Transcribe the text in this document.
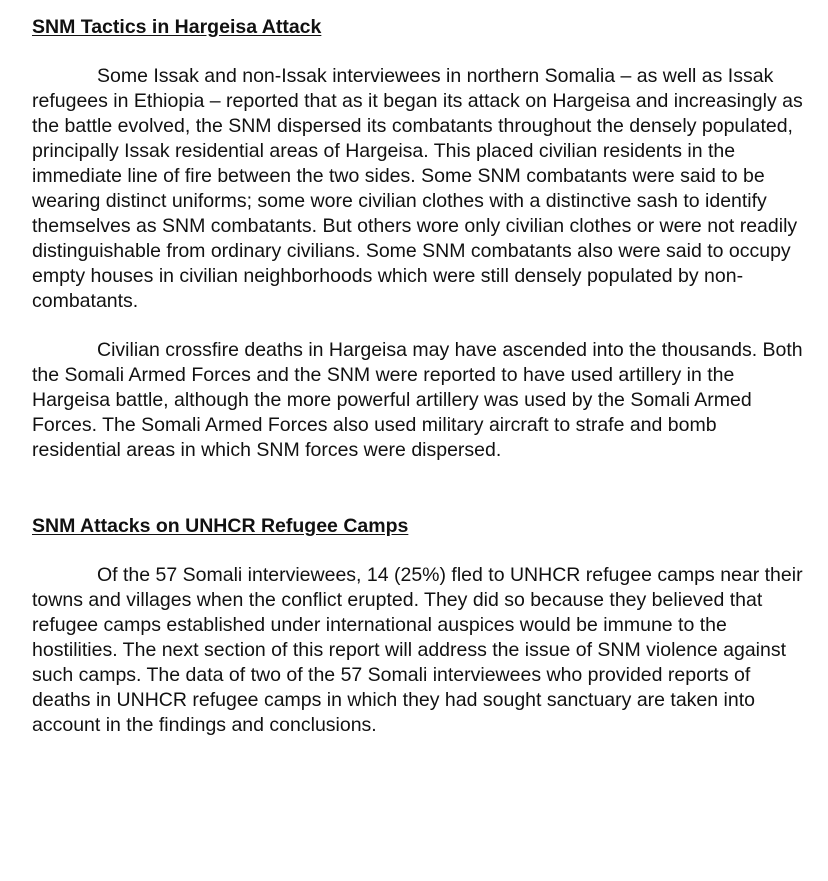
SNM Tactics in Hargeisa Attack

Some Issak and non-Issak interviewees in northern Somalia – as well as Issak refugees in Ethiopia – reported that as it began its attack on Hargeisa and increasingly as the battle evolved, the SNM dispersed its combatants throughout the densely populated, principally Issak residential areas of Hargeisa. This placed civilian residents in the immediate line of fire between the two sides. Some SNM combatants were said to be wearing distinct uniforms; some wore civilian clothes with a distinctive sash to identify themselves as SNM combatants. But others wore only civilian clothes or were not readily distinguishable from ordinary civilians. Some SNM combatants also were said to occupy empty houses in civilian neighborhoods which were still densely populated by non-combatants.

Civilian crossfire deaths in Hargeisa may have ascended into the thousands. Both the Somali Armed Forces and the SNM were reported to have used artillery in the Hargeisa battle, although the more powerful artillery was used by the Somali Armed Forces. The Somali Armed Forces also used military aircraft to strafe and bomb residential areas in which SNM forces were dispersed.

SNM Attacks on UNHCR Refugee Camps

Of the 57 Somali interviewees, 14 (25%) fled to UNHCR refugee camps near their towns and villages when the conflict erupted. They did so because they believed that refugee camps established under international auspices would be immune to the hostilities. The next section of this report will address the issue of SNM violence against such camps. The data of two of the 57 Somali interviewees who provided reports of deaths in UNHCR refugee camps in which they had sought sanctuary are taken into account in the findings and conclusions.
